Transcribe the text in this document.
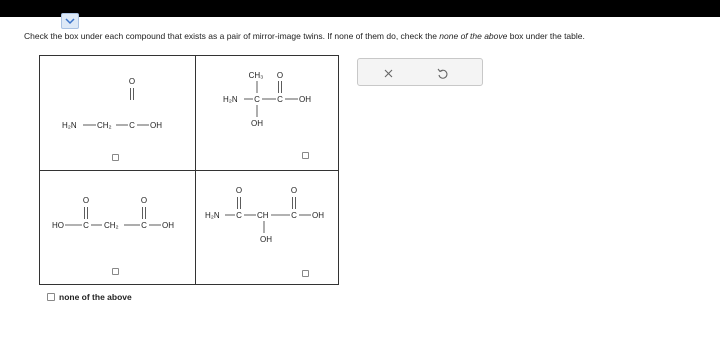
Check the box under each compound that exists as a pair of mirror-image twins. If none of them do, check the none of the above box under the table.
O
H₂N	CH₂ C OH
CH₃ O
H₂N C C OH
OH
O	O
HO C CH₂	C OH
O	O
H₂N C CH	C OH
OH
none of the above
